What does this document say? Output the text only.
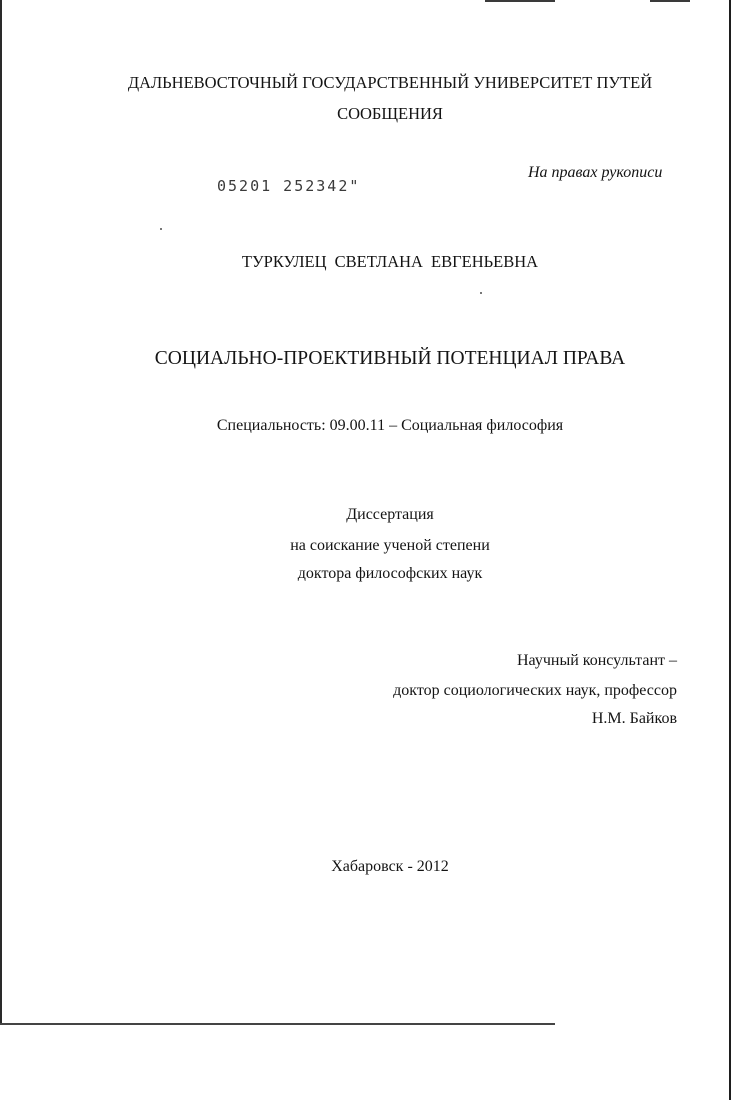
ДАЛЬНЕВОСТОЧНЫЙ ГОСУДАРСТВЕННЫЙ УНИВЕРСИТЕТ ПУТЕЙ
СООБЩЕНИЯ
На правах рукописи
05201 252342"
ТУРКУЛЕЦ СВЕТЛАНА ЕВГЕНЬЕВНА
СОЦИАЛЬНО-ПРОЕКТИВНЫЙ ПОТЕНЦИАЛ ПРАВА
Специальность: 09.00.11 – Социальная философия
Диссертация
на соискание ученой степени
доктора философских наук
Научный консультант –
доктор социологических наук, профессор
Н.М. Байков
Хабаровск - 2012
